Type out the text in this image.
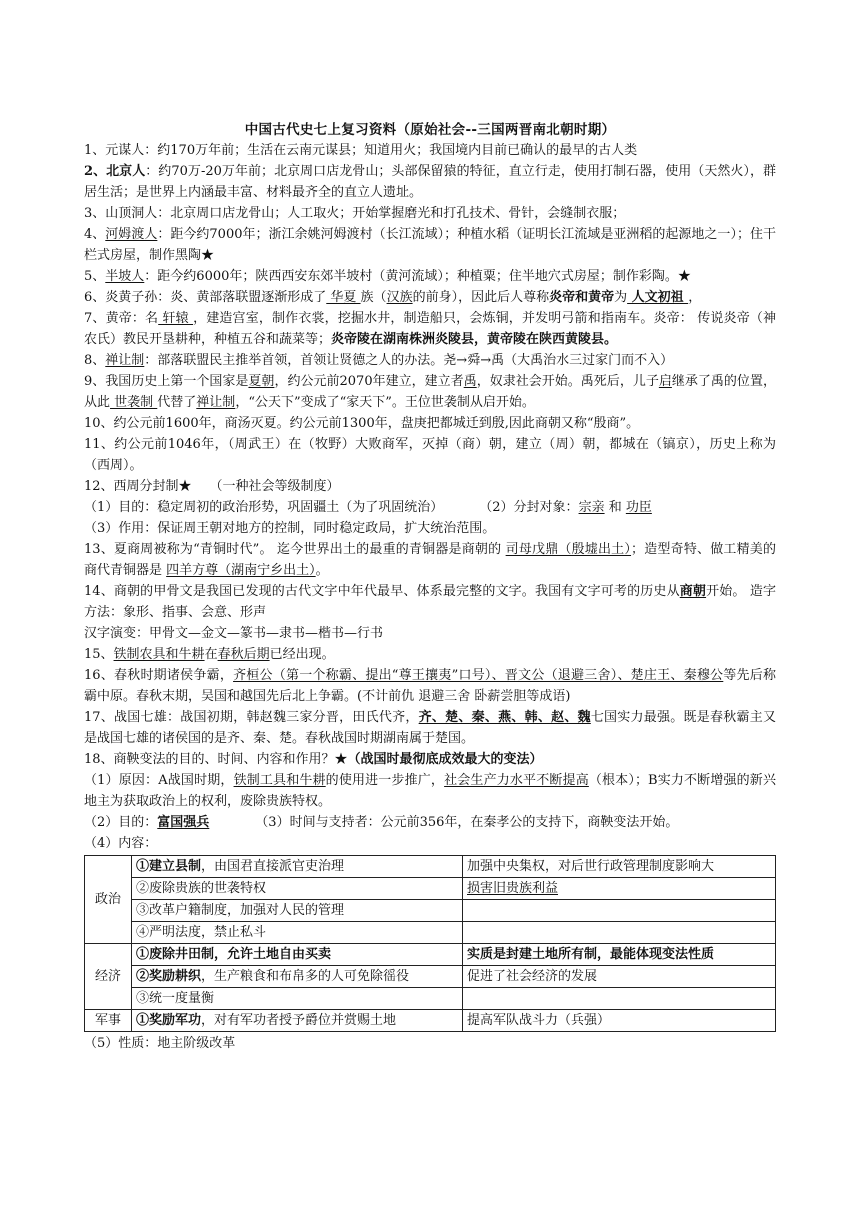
中国古代史七上复习资料（原始社会--三国两晋南北朝时期）

1、元谋人：约170万年前；生活在云南元谋县；知道用火；我国境内目前已确认的最早的古人类

2、北京人：约70万-20万年前；北京周口店龙骨山；头部保留猿的特征，直立行走，使用打制石器，使用（天然火），群居生活；是世界上内涵最丰富、材料最齐全的直立人遗址。

3、山顶洞人：北京周口店龙骨山；人工取火；开始掌握磨光和打孔技术、骨针，会缝制衣服；

4、河姆渡人：距今约7000年；浙江余姚河姆渡村（长江流域）；种植水稻（证明长江流域是亚洲稻的起源地之一）；住干栏式房屋，制作黑陶★

5、半坡人：距今约6000年；陕西西安东郊半坡村（黄河流域）；种植粟；住半地穴式房屋；制作彩陶。★

6、炎黄子孙：炎、黄部落联盟逐渐形成了 华夏 族（汉族的前身），因此后人尊称炎帝和黄帝为 人文初祖 ，

7、黄帝：名 轩辕 ，建造宫室，制作衣裳，挖掘水井，制造船只，会炼铜，并发明弓箭和指南车。炎帝： 传说炎帝（神农氏）教民开垦耕种，种植五谷和蔬菜等；炎帝陵在湖南株洲炎陵县，黄帝陵在陕西黄陵县。

8、禅让制：部落联盟民主推举首领，首领让贤德之人的办法。尧→舜→禹（大禹治水三过家门而不入）

9、我国历史上第一个国家是夏朝，约公元前2070年建立，建立者禹，奴隶社会开始。禹死后，儿子启继承了禹的位置，从此 世袭制 代替了禅让制，“公天下”变成了“家天下”。王位世袭制从启开始。

10、约公元前1600年，商汤灭夏。约公元前1300年，盘庚把都城迁到殷,因此商朝又称“殷商”。

11、约公元前1046年，（周武王）在（牧野）大败商军，灭掉（商）朝，建立（周）朝，都城在（镐京），历史上称为（西周）。

12、西周分封制★ （一种社会等级制度）

（1）目的：稳定周初的政治形势，巩固疆土（为了巩固统治）	（2）分封对象：宗亲 和 功臣

（3）作用：保证周王朝对地方的控制，同时稳定政局，扩大统治范围。

13、夏商周被称为“青铜时代”。 迄今世界出土的最重的青铜器是商朝的 司母戊鼎（殷墟出土）；造型奇特、做工精美的商代青铜器是 四羊方尊（湖南宁乡出土）。

14、商朝的甲骨文是我国已发现的古代文字中年代最早、体系最完整的文字。我国有文字可考的历史从商朝开始。 造字方法：象形、指事、会意、形声

汉字演变：甲骨文—金文—篆书—隶书—楷书—行书

15、铁制农具和牛耕在春秋后期已经出现。

16、春秋时期诸侯争霸，齐桓公（第一个称霸、提出“尊王攘夷”口号）、晋文公（退避三舍）、楚庄王、秦穆公等先后称霸中原。春秋末期，吴国和越国先后北上争霸。(不计前仇 退避三舍 卧薪尝胆等成语)

17、战国七雄：战国初期，韩赵魏三家分晋，田氏代齐，齐、楚、秦、燕、韩、赵、魏七国实力最强。既是春秋霸主又是战国七雄的诸侯国的是齐、秦、楚。春秋战国时期湖南属于楚国。

18、商鞅变法的目的、时间、内容和作用？★（战国时最彻底成效最大的变法）

（1）原因：A战国时期，铁制工具和牛耕的使用进一步推广，社会生产力水平不断提高（根本）；B实力不断增强的新兴地主为获取政治上的权利，废除贵族特权。

（2）目的：富国强兵	（3）时间与支持者：公元前356年，在秦孝公的支持下，商鞅变法开始。

（4）内容：

政治	①建立县制，由国君直接派官吏治理	加强中央集权，对后世行政管理制度影响大
	②废除贵族的世袭特权	损害旧贵族利益
	③改革户籍制度，加强对人民的管理	
	④严明法度，禁止私斗	
经济	①废除井田制，允许土地自由买卖	实质是封建土地所有制，最能体现变法性质
	②奖励耕织，生产粮食和布帛多的人可免除徭役	促进了社会经济的发展
	③统一度量衡	
军事	①奖励军功，对有军功者授予爵位并赏赐土地	提高军队战斗力（兵强）

（5）性质：地主阶级改革
